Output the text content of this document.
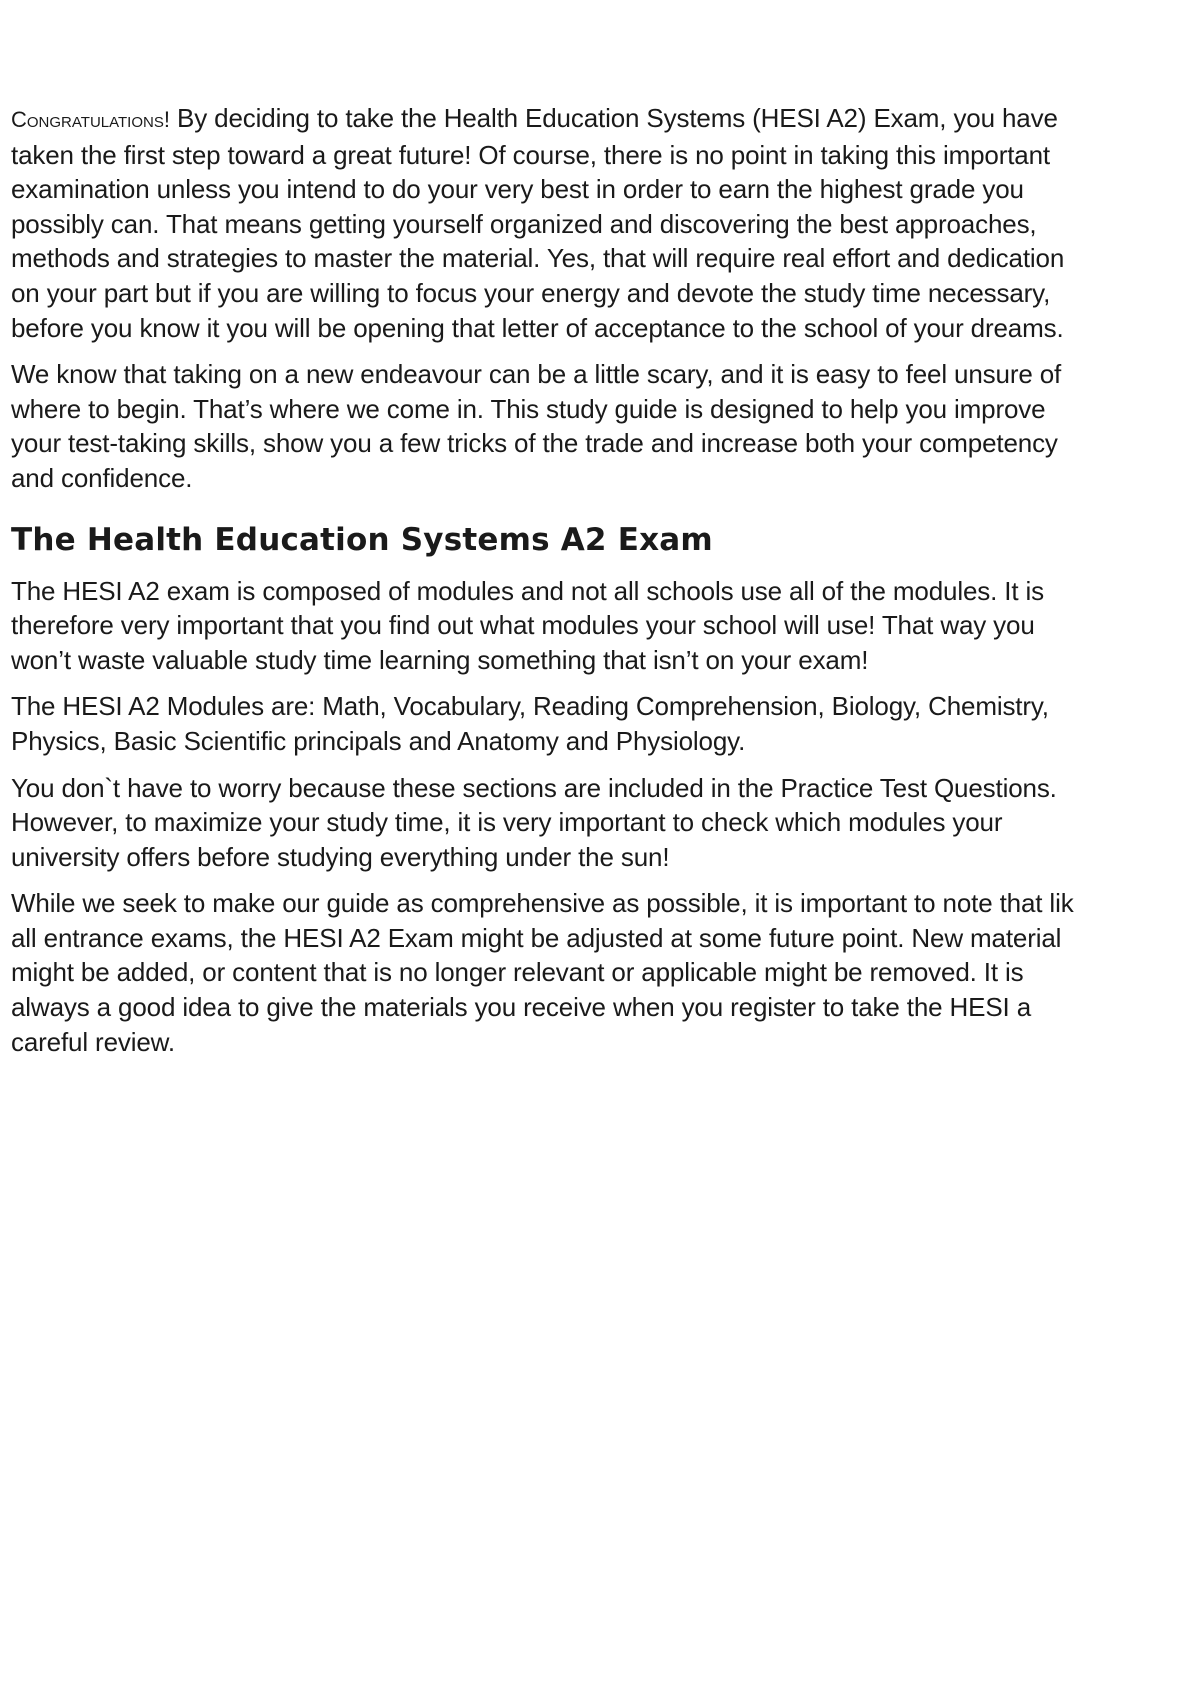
Congratulations! By deciding to take the Health Education Systems (HESI A2) Exam, you have
taken the first step toward a great future! Of course, there is no point in taking this important
examination unless you intend to do your very best in order to earn the highest grade you
possibly can. That means getting yourself organized and discovering the best approaches,
methods and strategies to master the material. Yes, that will require real effort and dedication
on your part but if you are willing to focus your energy and devote the study time necessary,
before you know it you will be opening that letter of acceptance to the school of your dreams.
We know that taking on a new endeavour can be a little scary, and it is easy to feel unsure of
where to begin. That’s where we come in. This study guide is designed to help you improve
your test-taking skills, show you a few tricks of the trade and increase both your competency
and confidence.
The Health Education Systems A2 Exam
The HESI A2 exam is composed of modules and not all schools use all of the modules. It is
therefore very important that you find out what modules your school will use! That way you
won’t waste valuable study time learning something that isn’t on your exam!
The HESI A2 Modules are: Math, Vocabulary, Reading Comprehension, Biology, Chemistry,
Physics, Basic Scientific principals and Anatomy and Physiology.
You don`t have to worry because these sections are included in the Practice Test Questions.
However, to maximize your study time, it is very important to check which modules your
university offers before studying everything under the sun!
While we seek to make our guide as comprehensive as possible, it is important to note that lik
all entrance exams, the HESI A2 Exam might be adjusted at some future point. New material
might be added, or content that is no longer relevant or applicable might be removed. It is
always a good idea to give the materials you receive when you register to take the HESI a
careful review.
